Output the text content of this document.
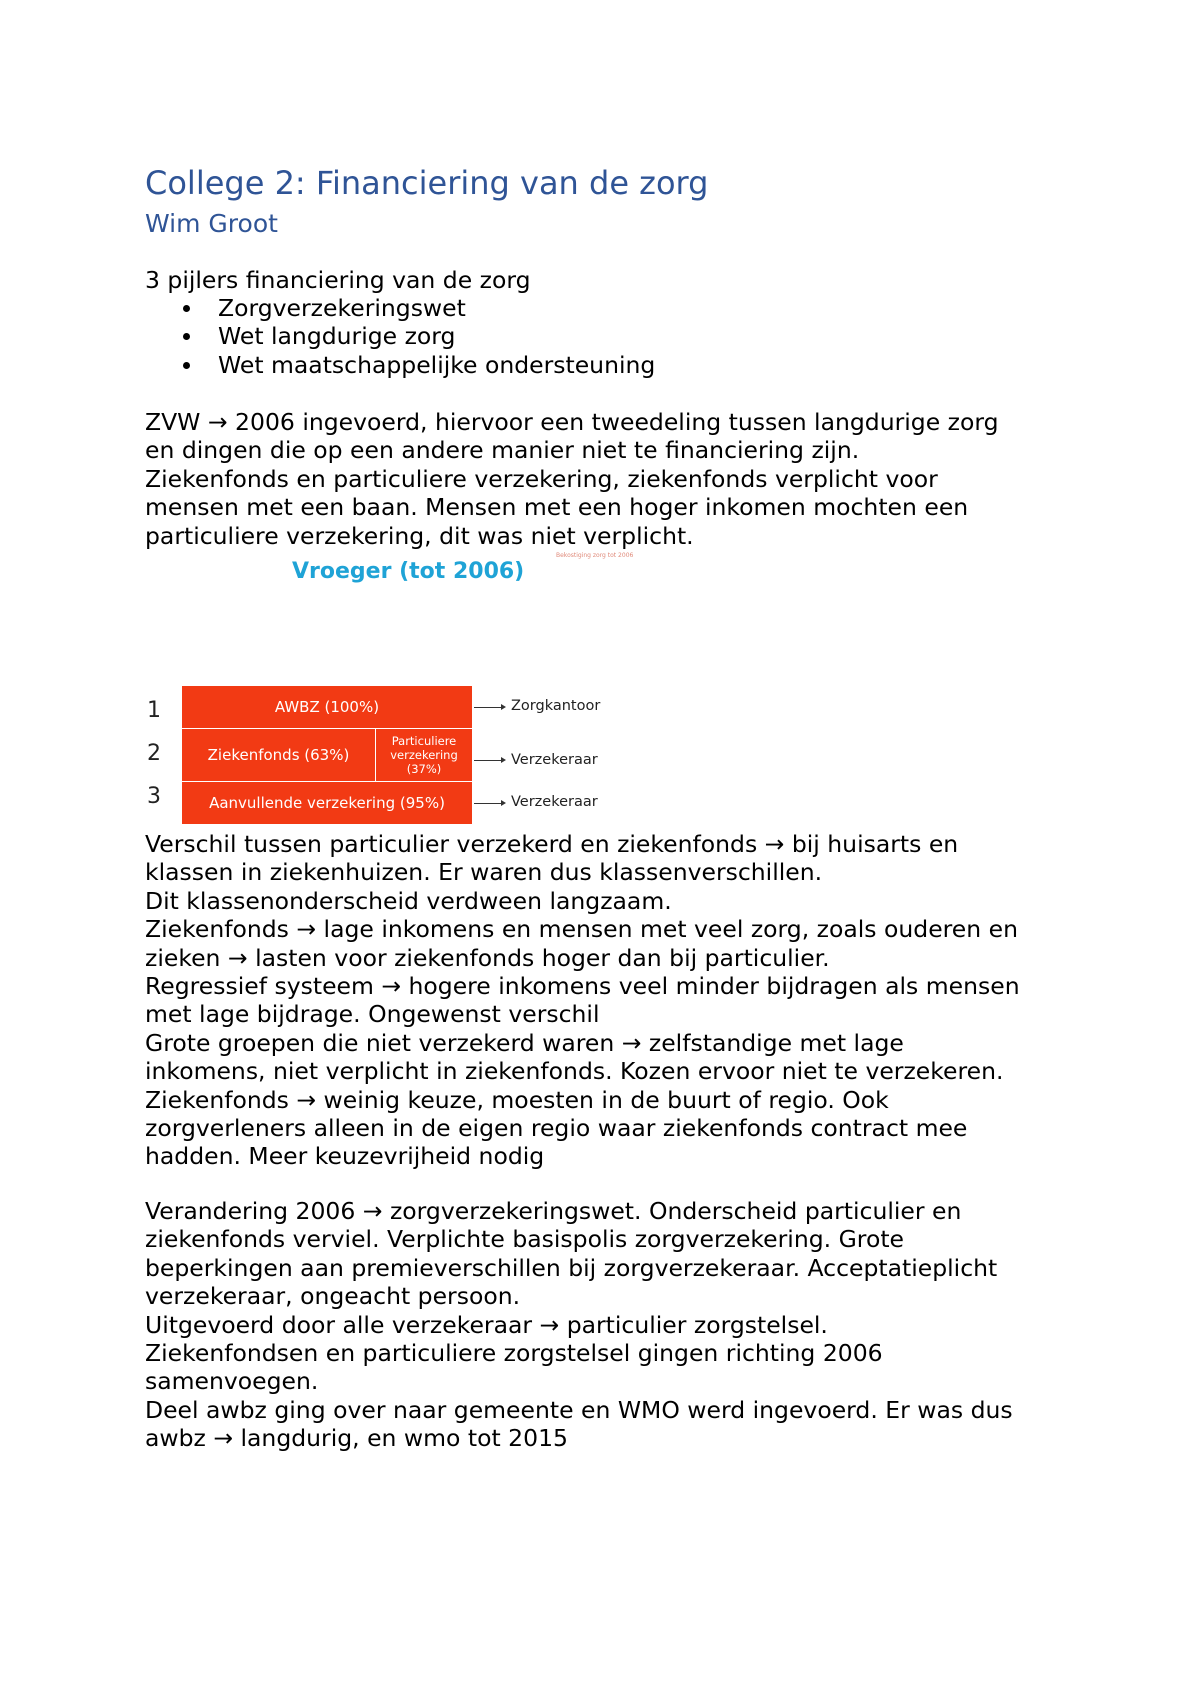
College 2: Financiering van de zorg
Wim Groot
3 pijlers financiering van de zorg
Zorgverzekeringswet
Wet langdurige zorg
Wet maatschappelijke ondersteuning
ZVW → 2006 ingevoerd, hiervoor een tweedeling tussen langdurige zorg
en dingen die op een andere manier niet te financiering zijn.
Ziekenfonds en particuliere verzekering, ziekenfonds verplicht voor
mensen met een baan. Mensen met een hoger inkomen mochten een
particuliere verzekering, dit was niet verplicht.
Vroeger (tot 2006)
Bekostiging zorg tot 2006
1
2
3
AWBZ (100%)
Ziekenfonds (63%)
Particuliere verzekering (37%)
Aanvullende verzekering (95%)
Zorgkantoor
Verzekeraar
Verzekeraar
Verschil tussen particulier verzekerd en ziekenfonds → bij huisarts en
klassen in ziekenhuizen. Er waren dus klassenverschillen.
Dit klassenonderscheid verdween langzaam.
Ziekenfonds → lage inkomens en mensen met veel zorg, zoals ouderen en
zieken → lasten voor ziekenfonds hoger dan bij particulier.
Regressief systeem → hogere inkomens veel minder bijdragen als mensen
met lage bijdrage. Ongewenst verschil
Grote groepen die niet verzekerd waren → zelfstandige met lage
inkomens, niet verplicht in ziekenfonds. Kozen ervoor niet te verzekeren.
Ziekenfonds → weinig keuze, moesten in de buurt of regio. Ook
zorgverleners alleen in de eigen regio waar ziekenfonds contract mee
hadden. Meer keuzevrijheid nodig
Verandering 2006 → zorgverzekeringswet. Onderscheid particulier en
ziekenfonds verviel. Verplichte basispolis zorgverzekering. Grote
beperkingen aan premieverschillen bij zorgverzekeraar. Acceptatieplicht
verzekeraar, ongeacht persoon.
Uitgevoerd door alle verzekeraar → particulier zorgstelsel.
Ziekenfondsen en particuliere zorgstelsel gingen richting 2006
samenvoegen.
Deel awbz ging over naar gemeente en WMO werd ingevoerd. Er was dus
awbz → langdurig, en wmo tot 2015
